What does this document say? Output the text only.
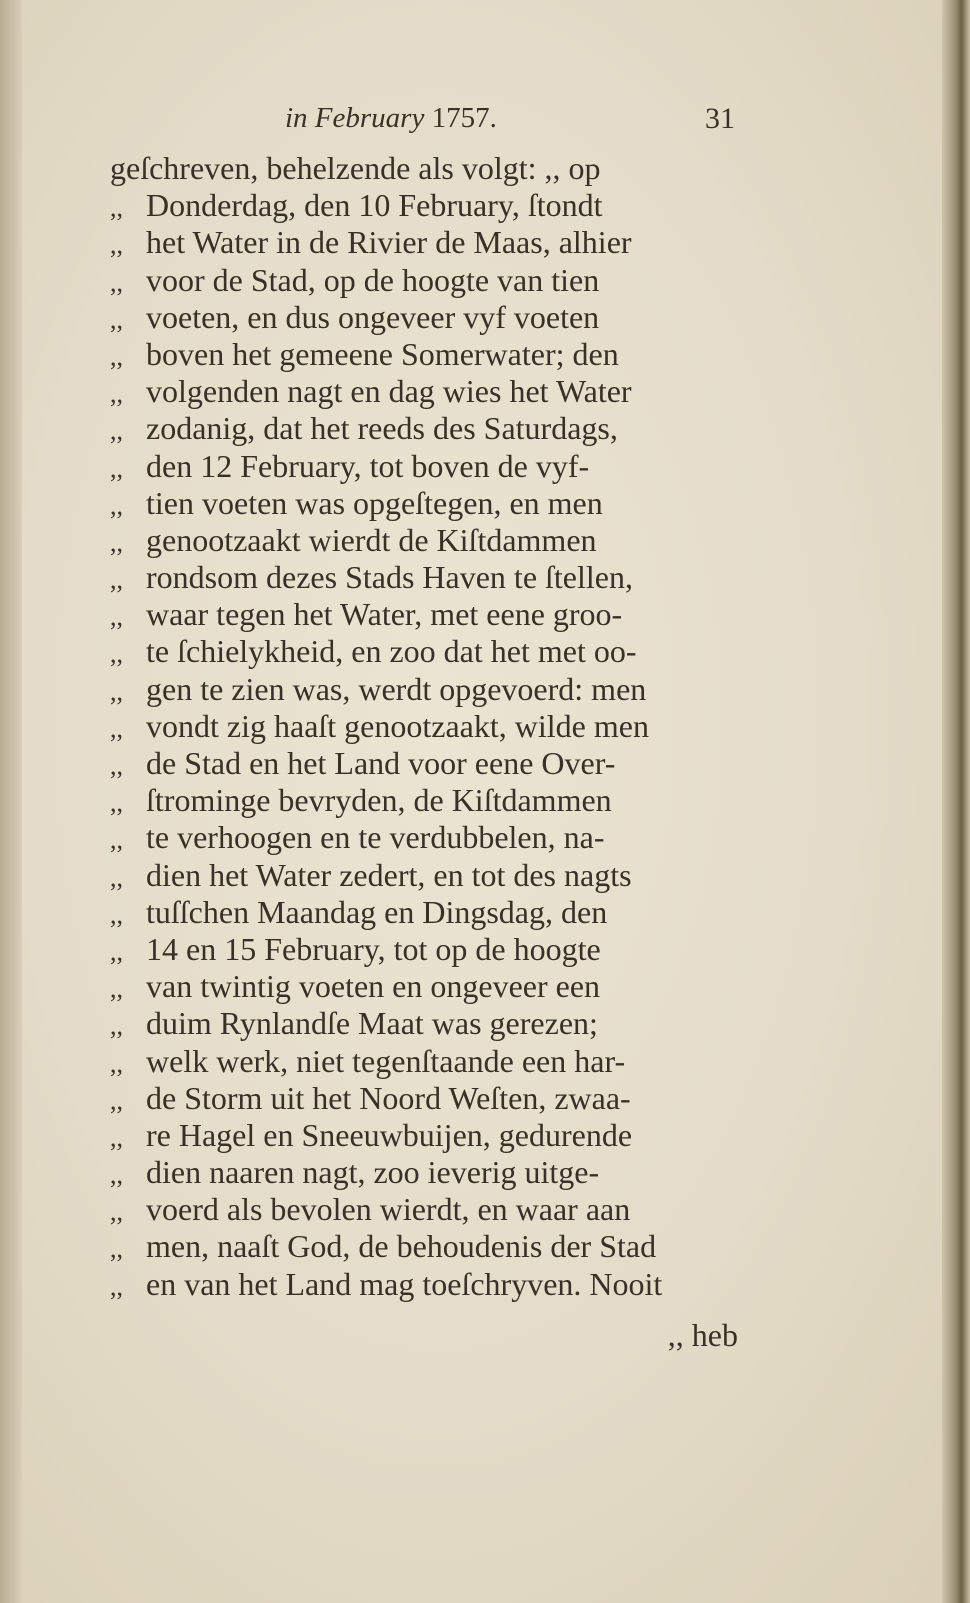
in February 1757.	31
geſchreven, behelzende als volgt: ,, op
,, Donderdag, den 10 February, ſtondt
,, het Water in de Rivier de Maas, alhier
,, voor de Stad, op de hoogte van tien
,, voeten, en dus ongeveer vyf voeten
,, boven het gemeene Somerwater; den
,, volgenden nagt en dag wies het Water
,, zodanig, dat het reeds des Saturdags,
,, den 12 February, tot boven de vyf-
,, tien voeten was opgeſtegen, en men
,, genootzaakt wierdt de Kiſtdammen
,, rondsom dezes Stads Haven te ſtellen,
,, waar tegen het Water, met eene groo-
,, te ſchielykheid, en zoo dat het met oo-
,, gen te zien was, werdt opgevoerd: men
,, vondt zig haaſt genootzaakt, wilde men
,, de Stad en het Land voor eene Over-
,, ſtrominge bevryden, de Kiſtdammen
,, te verhoogen en te verdubbelen, na-
,, dien het Water zedert, en tot des nagts
,, tuſſchen Maandag en Dingsdag, den
,, 14 en 15 February, tot op de hoogte
,, van twintig voeten en ongeveer een
,, duim Rynlandſe Maat was gerezen;
,, welk werk, niet tegenſtaande een har-
,, de Storm uit het Noord Weſten, zwaa-
,, re Hagel en Sneeuwbuijen, gedurende
,, dien naaren nagt, zoo ieverig uitge-
,, voerd als bevolen wierdt, en waar aan
,, men, naaſt God, de behoudenis der Stad
,, en van het Land mag toeſchryven. Nooit
,, heb
